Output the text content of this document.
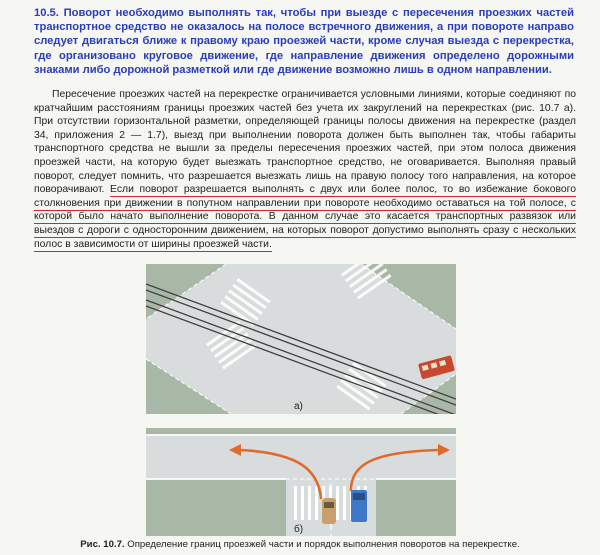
10.5. Поворот необходимо выполнять так, чтобы при выезде с пересечения проезжих частей транспортное средство не оказалось на полосе встречного движения, а при повороте направо следует двигаться ближе к правому краю проезжей части, кроме случая выезда с перекрестка, где организовано круговое движение, где направление движения определено дорожными знаками либо дорожной разметкой или где движение возможно лишь в одном направлении.

Пересечение проезжих частей на перекрестке ограничивается условными линиями, которые соединяют по кратчайшим расстояниям границы проезжих частей без учета их закруглений на перекрестках (рис. 10.7 а). При отсутствии горизонтальной разметки, определяющей границы полосы движения на перекрестке (раздел 34, приложения 2 — 1.7), выезд при выполнении поворота должен быть выполнен так, чтобы габариты транспортного средства не вышли за пределы пересечения проезжих частей, при этом полоса движения проезжей части, на которую будет выезжать транспортное средство, не оговаривается. Выполняя правый поворот, следует помнить, что разрешается выезжать лишь на правую полосу того направления, на которое поворачивают. Если поворот разрешается выполнять с двух или более полос, то во избежание бокового столкновения при движении в попутном направлении при повороте необходимо оставаться на той полосе, с которой было начато выполнение поворота. В данном случае это касается транспортных развязок или выездов с дороги с односторонним движением, на которых поворот допустимо выполнять сразу с нескольких полос в зависимости от ширины проезжей части.

а)
б)
Рис. 10.7. Определение границ проезжей части и порядок выполнения поворотов на перекрестке.
